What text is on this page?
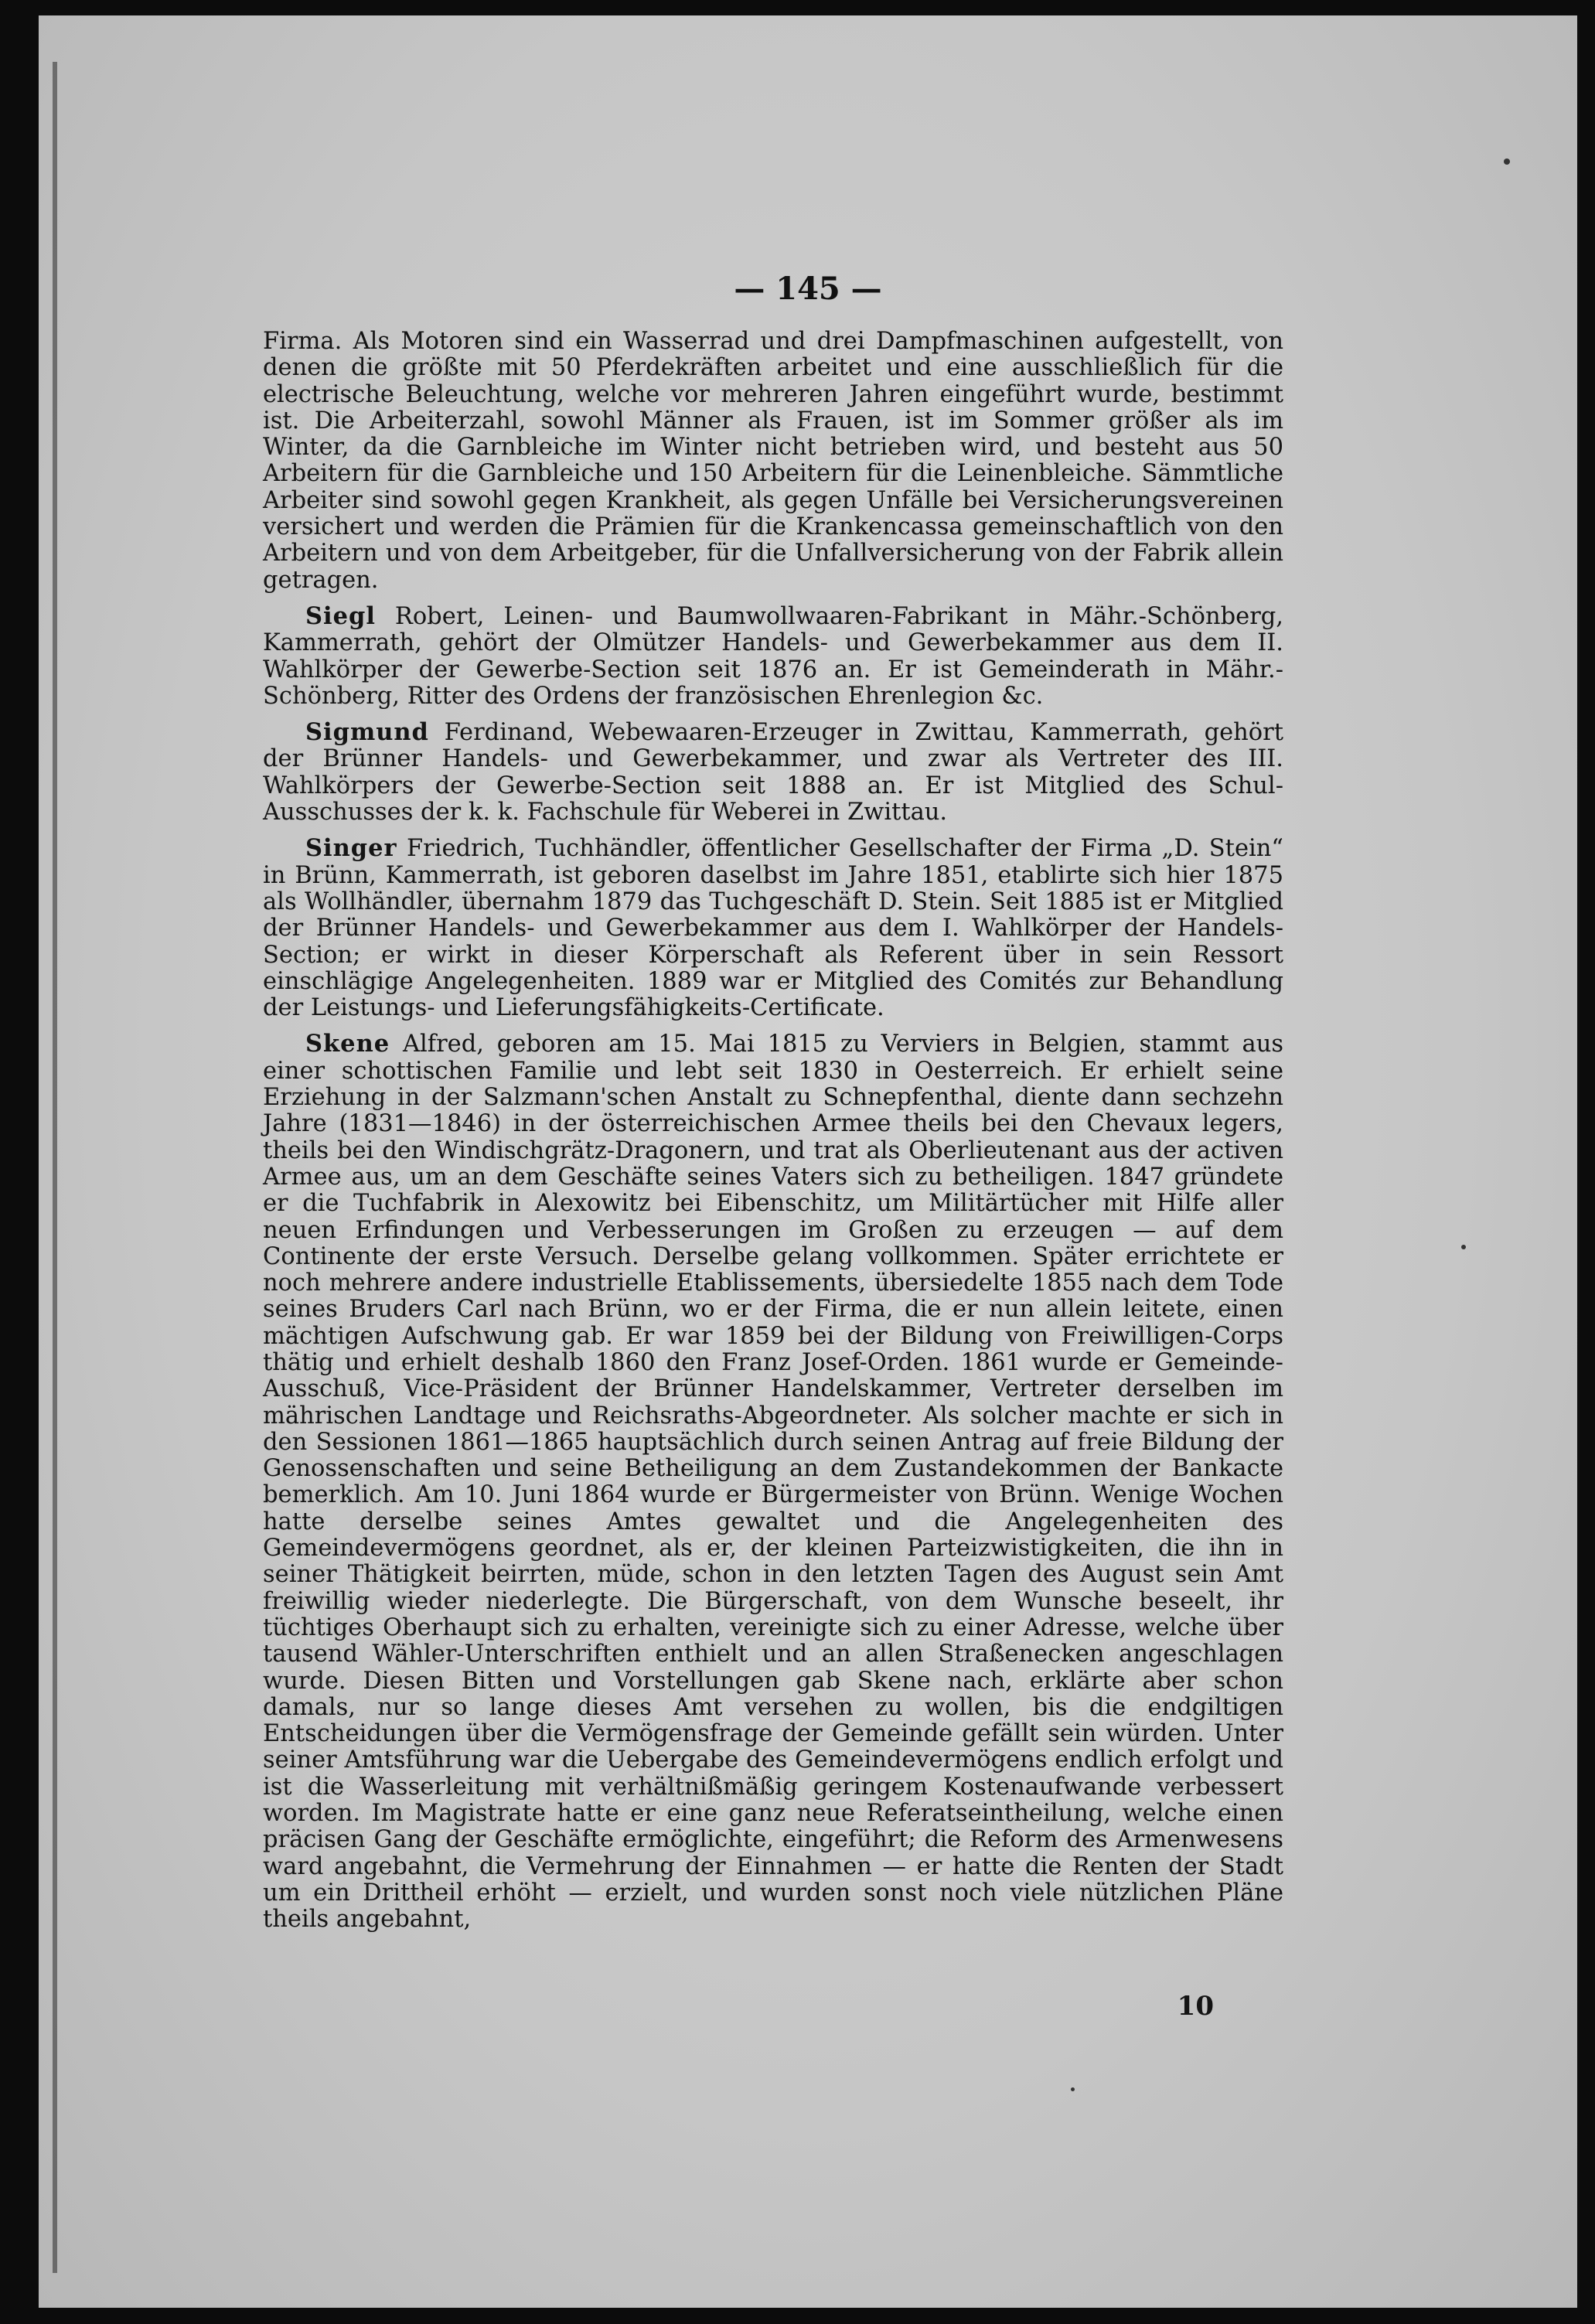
— 145 —

Firma. Als Motoren sind ein Wasserrad und drei Dampfmaschinen aufgestellt, von denen die größte mit 50 Pferdekräften arbeitet und eine ausschließlich für die electrische Beleuchtung, welche vor mehreren Jahren eingeführt wurde, bestimmt ist. Die Arbeiterzahl, sowohl Männer als Frauen, ist im Sommer größer als im Winter, da die Garnbleiche im Winter nicht betrieben wird, und besteht aus 50 Arbeitern für die Garnbleiche und 150 Arbeitern für die Leinenbleiche. Sämmtliche Arbeiter sind sowohl gegen Krankheit, als gegen Unfälle bei Versicherungsvereinen versichert und werden die Prämien für die Krankencassa gemeinschaftlich von den Arbeitern und von dem Arbeitgeber, für die Unfallversicherung von der Fabrik allein getragen.

Siegl Robert, Leinen- und Baumwollwaaren-Fabrikant in Mähr.-Schönberg, Kammerrath, gehört der Olmützer Handels- und Gewerbekammer aus dem II. Wahlkörper der Gewerbe-Section seit 1876 an. Er ist Gemeinderath in Mähr.-Schönberg, Ritter des Ordens der französischen Ehrenlegion &c.

Sigmund Ferdinand, Webewaaren-Erzeuger in Zwittau, Kammerrath, gehört der Brünner Handels- und Gewerbekammer, und zwar als Vertreter des III. Wahlkörpers der Gewerbe-Section seit 1888 an. Er ist Mitglied des Schul-Ausschusses der k. k. Fachschule für Weberei in Zwittau.

Singer Friedrich, Tuchhändler, öffentlicher Gesellschafter der Firma „D. Stein“ in Brünn, Kammerrath, ist geboren daselbst im Jahre 1851, etablirte sich hier 1875 als Wollhändler, übernahm 1879 das Tuchgeschäft D. Stein. Seit 1885 ist er Mitglied der Brünner Handels- und Gewerbekammer aus dem I. Wahlkörper der Handels-Section; er wirkt in dieser Körperschaft als Referent über in sein Ressort einschlägige Angelegenheiten. 1889 war er Mitglied des Comités zur Behandlung der Leistungs- und Lieferungsfähigkeits-Certificate.

Skene Alfred, geboren am 15. Mai 1815 zu Verviers in Belgien, stammt aus einer schottischen Familie und lebt seit 1830 in Oesterreich. Er erhielt seine Erziehung in der Salzmann'schen Anstalt zu Schnepfenthal, diente dann sechzehn Jahre (1831—1846) in der österreichischen Armee theils bei den Chevaux legers, theils bei den Windischgrätz-Dragonern, und trat als Oberlieutenant aus der activen Armee aus, um an dem Geschäfte seines Vaters sich zu betheiligen. 1847 gründete er die Tuchfabrik in Alexowitz bei Eibenschitz, um Militärtücher mit Hilfe aller neuen Erfindungen und Verbesserungen im Großen zu erzeugen — auf dem Continente der erste Versuch. Derselbe gelang vollkommen. Später errichtete er noch mehrere andere industrielle Etablissements, übersiedelte 1855 nach dem Tode seines Bruders Carl nach Brünn, wo er der Firma, die er nun allein leitete, einen mächtigen Aufschwung gab. Er war 1859 bei der Bildung von Freiwilligen-Corps thätig und erhielt deshalb 1860 den Franz Josef-Orden. 1861 wurde er Gemeinde-Ausschuß, Vice-Präsident der Brünner Handelskammer, Vertreter derselben im mährischen Landtage und Reichsraths-Abgeordneter. Als solcher machte er sich in den Sessionen 1861—1865 hauptsächlich durch seinen Antrag auf freie Bildung der Genossenschaften und seine Betheiligung an dem Zustandekommen der Bankacte bemerklich. Am 10. Juni 1864 wurde er Bürgermeister von Brünn. Wenige Wochen hatte derselbe seines Amtes gewaltet und die Angelegenheiten des Gemeindevermögens geordnet, als er, der kleinen Parteizwistigkeiten, die ihn in seiner Thätigkeit beirrten, müde, schon in den letzten Tagen des August sein Amt freiwillig wieder niederlegte. Die Bürgerschaft, von dem Wunsche beseelt, ihr tüchtiges Oberhaupt sich zu erhalten, vereinigte sich zu einer Adresse, welche über tausend Wähler-Unterschriften enthielt und an allen Straßenecken angeschlagen wurde. Diesen Bitten und Vorstellungen gab Skene nach, erklärte aber schon damals, nur so lange dieses Amt versehen zu wollen, bis die endgiltigen Entscheidungen über die Vermögensfrage der Gemeinde gefällt sein würden. Unter seiner Amtsführung war die Uebergabe des Gemeindevermögens endlich erfolgt und ist die Wasserleitung mit verhältnißmäßig geringem Kostenaufwande verbessert worden. Im Magistrate hatte er eine ganz neue Referatseintheilung, welche einen präcisen Gang der Geschäfte ermöglichte, eingeführt; die Reform des Armenwesens ward angebahnt, die Vermehrung der Einnahmen — er hatte die Renten der Stadt um ein Drittheil erhöht — erzielt, und wurden sonst noch viele nützlichen Pläne theils angebahnt,

10
